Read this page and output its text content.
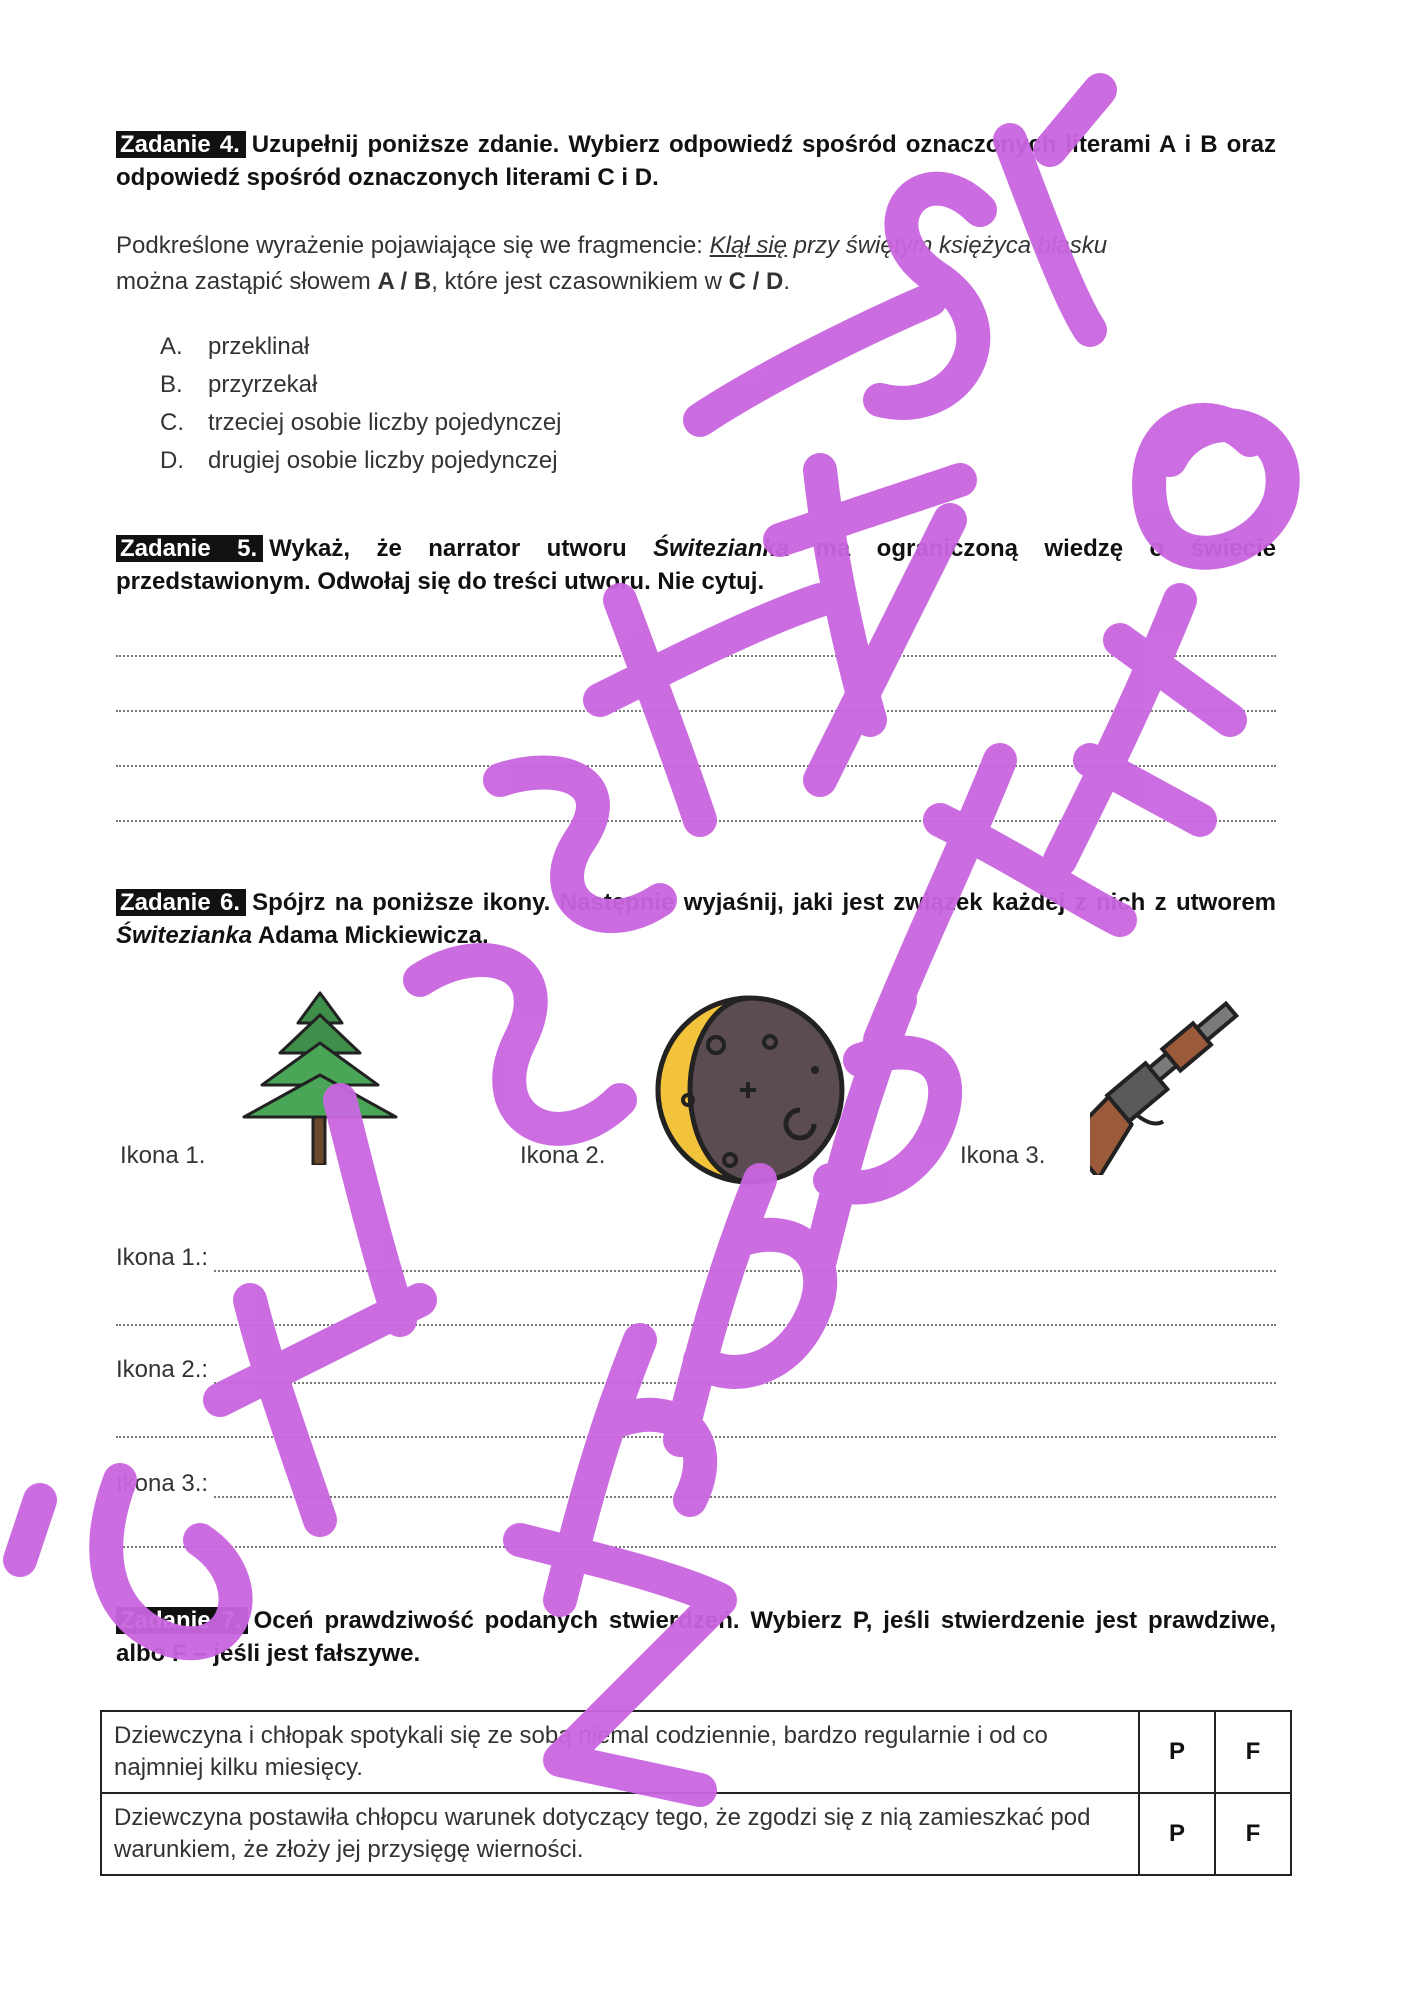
Zadanie 4. Uzupełnij poniższe zdanie. Wybierz odpowiedź spośród oznaczonych literami A i B oraz odpowiedź spośród oznaczonych literami C i D.
Podkreślone wyrażenie pojawiające się we fragmencie: Klął się przy świętym księżyca blasku
można zastąpić słowem A / B, które jest czasownikiem w C / D.
A. przeklinał
B. przyrzekał
C. trzeciej osobie liczby pojedynczej
D. drugiej osobie liczby pojedynczej
Zadanie 5. Wykaż, że narrator utworu Świtezianka ma ograniczoną wiedzę o świecie przedstawionym. Odwołaj się do treści utworu. Nie cytuj.
Zadanie 6. Spójrz na poniższe ikony. Następnie wyjaśnij, jaki jest związek każdej z nich z utworem Świtezianka Adama Mickiewicza.
Ikona 1.	Ikona 2.	Ikona 3.
Ikona 1.:
Ikona 2.:
Ikona 3.:
Zadanie 7. Oceń prawdziwość podanych stwierdzeń. Wybierz P, jeśli stwierdzenie jest prawdziwe, albo F – jeśli jest fałszywe.
Dziewczyna i chłopak spotykali się ze sobą niemal codziennie, bardzo regularnie i od co najmniej kilku miesięcy.	P	F
Dziewczyna postawiła chłopcu warunek dotyczący tego, że zgodzi się z nią zamieszkać pod warunkiem, że złoży jej przysięgę wierności.	P	F
